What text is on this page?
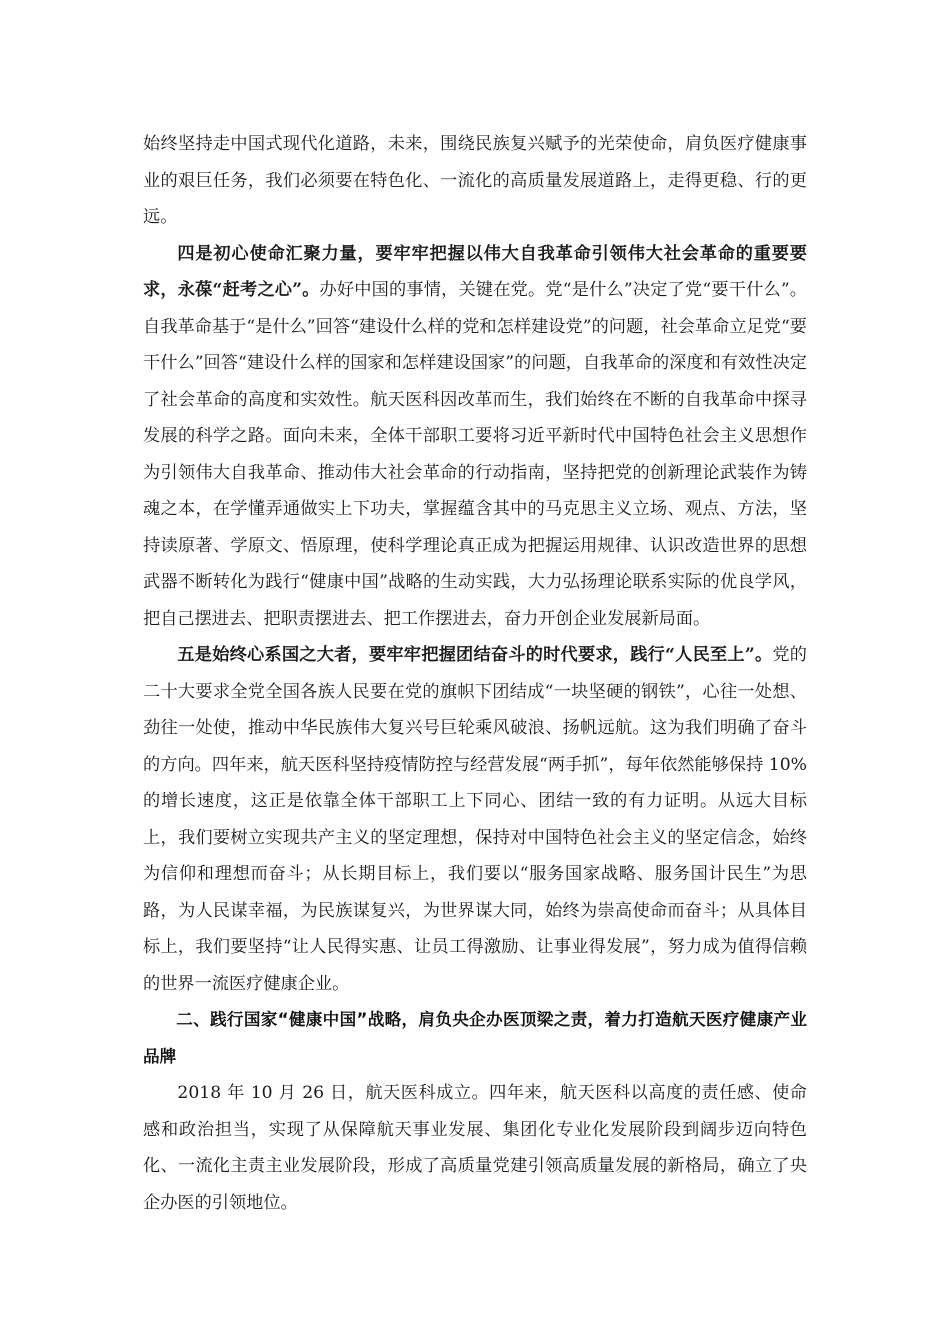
始终坚持走中国式现代化道路，未来，围绕民族复兴赋予的光荣使命，肩负医疗健康事业的艰巨任务，我们必须要在特色化、一流化的高质量发展道路上，走得更稳、行的更远。

四是初心使命汇聚力量，要牢牢把握以伟大自我革命引领伟大社会革命的重要要求，永葆“赶考之心”。办好中国的事情，关键在党。党“是什么”决定了党“要干什么”。自我革命基于“是什么”回答“建设什么样的党和怎样建设党”的问题，社会革命立足党“要干什么”回答“建设什么样的国家和怎样建设国家”的问题，自我革命的深度和有效性决定了社会革命的高度和实效性。航天医科因改革而生，我们始终在不断的自我革命中探寻发展的科学之路。面向未来，全体干部职工要将习近平新时代中国特色社会主义思想作为引领伟大自我革命、推动伟大社会革命的行动指南，坚持把党的创新理论武装作为铸魂之本，在学懂弄通做实上下功夫，掌握蕴含其中的马克思主义立场、观点、方法，坚持读原著、学原文、悟原理，使科学理论真正成为把握运用规律、认识改造世界的思想武器不断转化为践行“健康中国”战略的生动实践，大力弘扬理论联系实际的优良学风，把自己摆进去、把职责摆进去、把工作摆进去，奋力开创企业发展新局面。

五是始终心系国之大者，要牢牢把握团结奋斗的时代要求，践行“人民至上”。党的二十大要求全党全国各族人民要在党的旗帜下团结成“一块坚硬的钢铁”，心往一处想、劲往一处使，推动中华民族伟大复兴号巨轮乘风破浪、扬帆远航。这为我们明确了奋斗的方向。四年来，航天医科坚持疫情防控与经营发展“两手抓”，每年依然能够保持 10%的增长速度，这正是依靠全体干部职工上下同心、团结一致的有力证明。从远大目标上，我们要树立实现共产主义的坚定理想，保持对中国特色社会主义的坚定信念，始终为信仰和理想而奋斗；从长期目标上，我们要以“服务国家战略、服务国计民生”为思路，为人民谋幸福，为民族谋复兴，为世界谋大同，始终为崇高使命而奋斗；从具体目标上，我们要坚持“让人民得实惠、让员工得激励、让事业得发展”，努力成为值得信赖的世界一流医疗健康企业。

二、践行国家“健康中国”战略，肩负央企办医顶梁之责，着力打造航天医疗健康产业品牌

2018 年 10 月 26 日，航天医科成立。四年来，航天医科以高度的责任感、使命感和政治担当，实现了从保障航天事业发展、集团化专业化发展阶段到阔步迈向特色化、一流化主责主业发展阶段，形成了高质量党建引领高质量发展的新格局，确立了央企办医的引领地位。
